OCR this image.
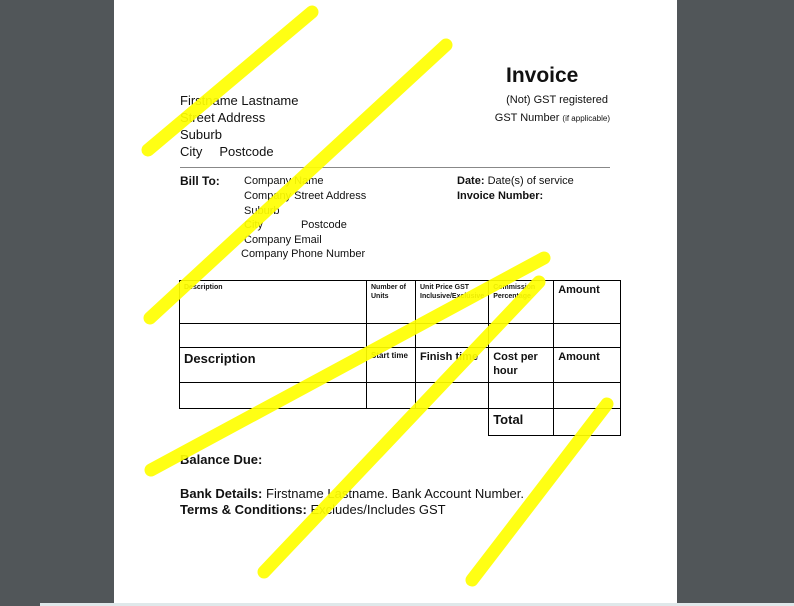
Invoice
(Not) GST registered
GST Number (if applicable)
Firstname Lastname
Street Address
Suburb
City Postcode
Bill To: Company Name
Company Street Address
Suburb
City	Postcode
Company Email
Company Phone Number
Date: Date(s) of service
Invoice Number:
Description	Number of Units	Unit Price GST Inclusive/Exclusive	Commission Percentage	Amount

Description	Start time	Finish time	Cost per hour	Amount

			Total	
Balance Due:
Bank Details: Firstname Lastname. Bank Account Number.
Terms & Conditions: Excludes/Includes GST
